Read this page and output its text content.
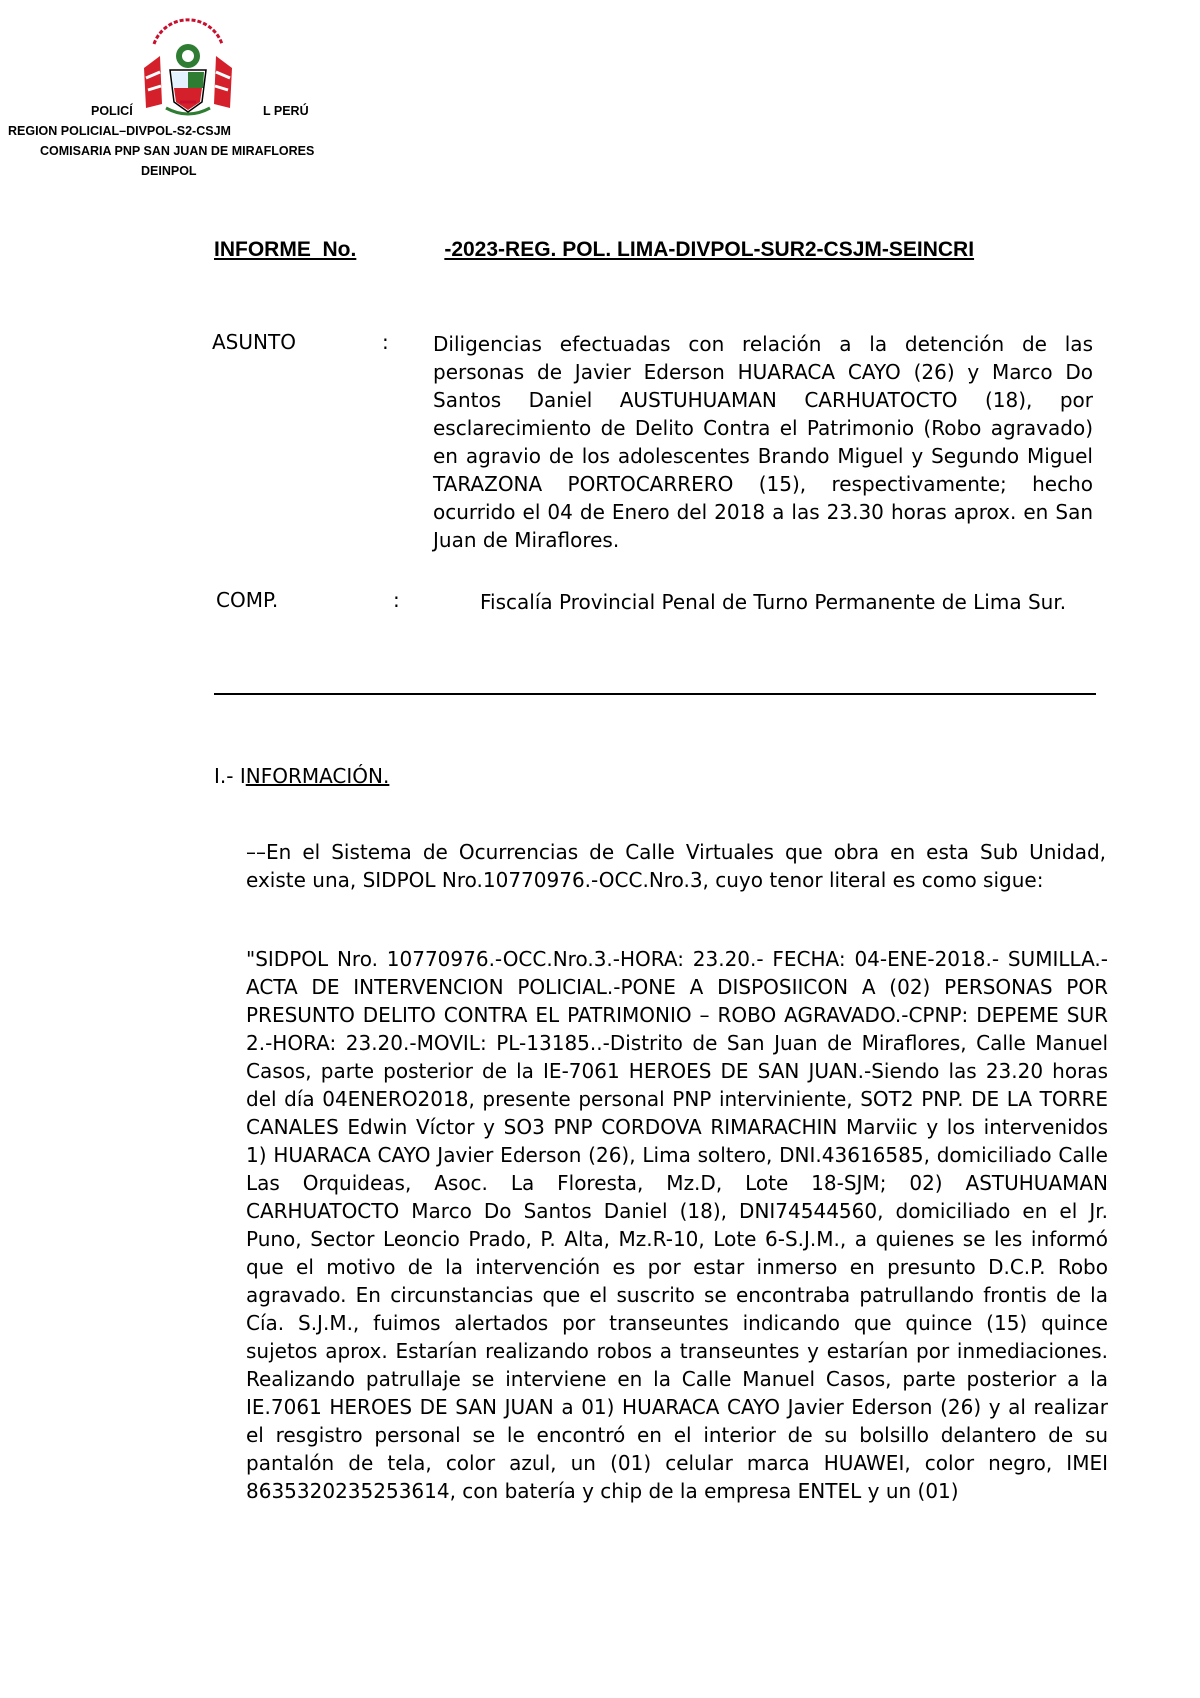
POLICÍ	L PERÚ
REGION POLICIAL–DIVPOL-S2-CSJM
COMISARIA PNP SAN JUAN DE MIRAFLORES
DEINPOL
INFORME  No.	-2023-REG. POL. LIMA-DIVPOL-SUR2-CSJM-SEINCRI
ASUNTO	: Diligencias efectuadas con relación a la detención de las personas de Javier Ederson HUARACA CAYO (26) y Marco Do Santos Daniel AUSTUHUAMAN CARHUATOCTO (18), por esclarecimiento de Delito Contra el Patrimonio (Robo agravado) en agravio de los adolescentes Brando Miguel y Segundo Miguel TARAZONA PORTOCARRERO (15), respectivamente; hecho ocurrido el 04 de Enero del 2018 a las 23.30 horas aprox. en San Juan de Miraflores.
COMP.	:	Fiscalía Provincial Penal de Turno Permanente de Lima Sur.
I.- INFORMACIÓN.
––En el Sistema de Ocurrencias de Calle Virtuales que obra en esta Sub Unidad, existe una, SIDPOL Nro.10770976.-OCC.Nro.3, cuyo tenor literal es como sigue:
"SIDPOL Nro. 10770976.-OCC.Nro.3.-HORA: 23.20.- FECHA: 04-ENE-2018.- SUMILLA.- ACTA DE INTERVENCION POLICIAL.-PONE A DISPOSIICON A (02) PERSONAS POR PRESUNTO DELITO CONTRA EL PATRIMONIO – ROBO AGRAVADO.-CPNP: DEPEME SUR 2.-HORA: 23.20.-MOVIL: PL-13185..-Distrito de San Juan de Miraflores, Calle Manuel Casos, parte posterior de la IE-7061 HEROES DE SAN JUAN.-Siendo las 23.20 horas del día 04ENERO2018, presente personal PNP interviniente, SOT2 PNP. DE LA TORRE CANALES Edwin Víctor y SO3 PNP CORDOVA RIMARACHIN Marviic y los intervenidos 1) HUARACA CAYO Javier Ederson (26), Lima soltero, DNI.43616585, domiciliado Calle Las Orquideas, Asoc. La Floresta, Mz.D, Lote 18-SJM; 02) ASTUHUAMAN CARHUATOCTO Marco Do Santos Daniel (18), DNI74544560, domiciliado en el Jr. Puno, Sector Leoncio Prado, P. Alta, Mz.R-10, Lote 6-S.J.M., a quienes se les informó que el motivo de la intervención es por estar inmerso en presunto D.C.P. Robo agravado. En circunstancias que el suscrito se encontraba patrullando frontis de la Cía. S.J.M., fuimos alertados por transeuntes indicando que quince (15) quince sujetos aprox. Estarían realizando robos a transeuntes y estarían por inmediaciones. Realizando patrullaje se interviene en la Calle Manuel Casos, parte posterior a la IE.7061 HEROES DE SAN JUAN a 01) HUARACA CAYO Javier Ederson (26) y al realizar el resgistro personal se le encontró en el interior de su bolsillo delantero de su pantalón de tela, color azul, un (01) celular marca HUAWEI, color negro, IMEI 8635320235253614, con batería y chip de la empresa ENTEL y un (01)
